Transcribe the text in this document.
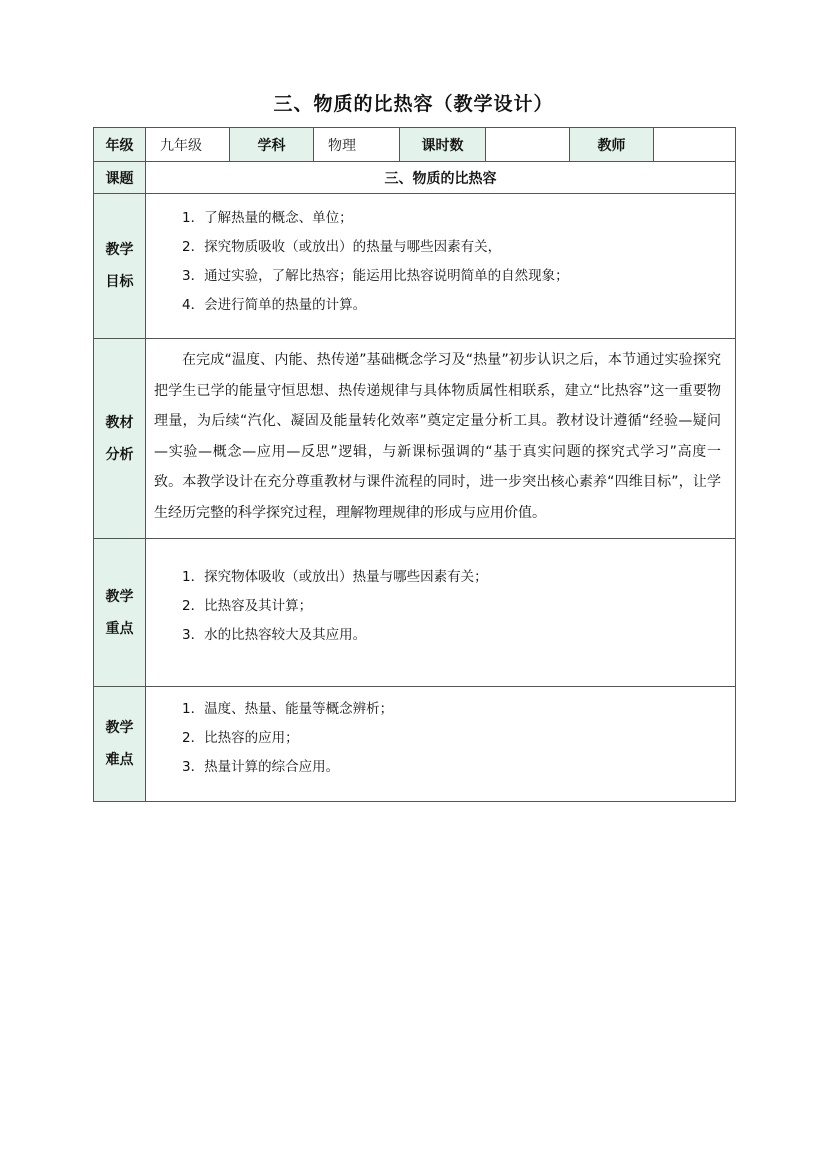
三、物质的比热容（教学设计）
年级	九年级	学科	物理	课时数		教师	
课题	三、物质的比热容						
教学
目标	1．了解热量的概念、单位；
2．探究物质吸收（或放出）的热量与哪些因素有关，
3．通过实验，了解比热容；能运用比热容说明简单的自然现象；
4．会进行简单的热量的计算。						

教材
分析	在完成“温度、内能、热传递”基础概念学习及“热量”初步认识之后，本节通过实验探究把学生已学的能量守恒思想、热传递规律与具体物质属性相联系，建立“比热容”这一重要物理量，为后续“汽化、凝固及能量转化效率”奠定定量分析工具。教材设计遵循“经验—疑问—实验—概念—应用—反思”逻辑，与新课标强调的“基于真实问题的探究式学习”高度一致。本教学设计在充分尊重教材与课件流程的同时，进一步突出核心素养“四维目标”，让学生经历完整的科学探究过程，理解物理规律的形成与应用价值。						

教学
重点	1．探究物体吸收（或放出）热量与哪些因素有关；
2．比热容及其计算；
3．水的比热容较大及其应用。						

教学
难点	1．温度、热量、能量等概念辨析；
2．比热容的应用；
3．热量计算的综合应用。						
